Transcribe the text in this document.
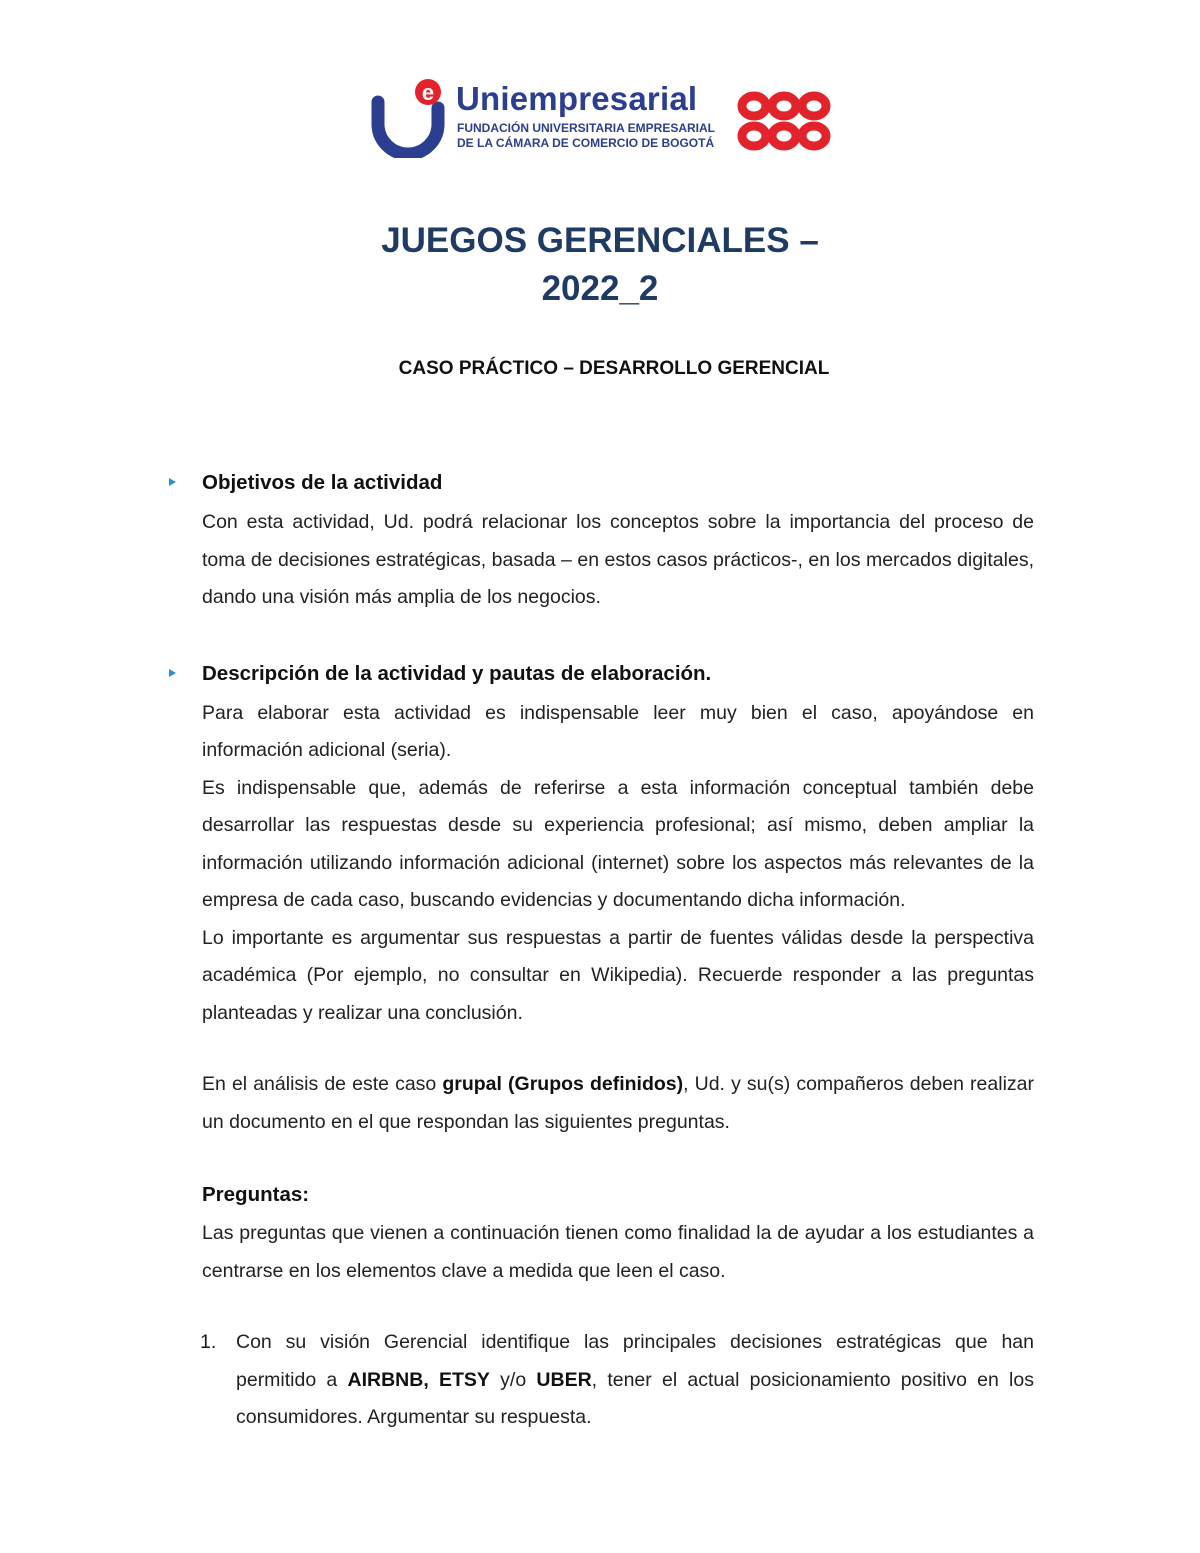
e Uniempresarial
FUNDACIÓN UNIVERSITARIA EMPRESARIAL
DE LA CÁMARA DE COMERCIO DE BOGOTÁ
JUEGOS GERENCIALES –
2022_2
CASO PRÁCTICO – DESARROLLO GERENCIAL
Objetivos de la actividad

Con esta actividad, Ud. podrá relacionar los conceptos sobre la importancia del proceso de toma de decisiones estratégicas, basada – en estos casos prácticos-, en los mercados digitales, dando una visión más amplia de los negocios.

Descripción de la actividad y pautas de elaboración.

Para elaborar esta actividad es indispensable leer muy bien el caso, apoyándose en información adicional (seria).

Es indispensable que, además de referirse a esta información conceptual también debe desarrollar las respuestas desde su experiencia profesional; así mismo, deben ampliar la información utilizando información adicional (internet) sobre los aspectos más relevantes de la empresa de cada caso, buscando evidencias y documentando dicha información.

Lo importante es argumentar sus respuestas a partir de fuentes válidas desde la perspectiva académica (Por ejemplo, no consultar en Wikipedia). Recuerde responder a las preguntas planteadas y realizar una conclusión.

En el análisis de este caso grupal (Grupos definidos), Ud. y su(s) compañeros deben realizar un documento en el que respondan las siguientes preguntas.

Preguntas:

Las preguntas que vienen a continuación tienen como finalidad la de ayudar a los estudiantes a centrarse en los elementos clave a medida que leen el caso.

1. Con su visión Gerencial identifique las principales decisiones estratégicas que han permitido a AIRBNB, ETSY y/o UBER, tener el actual posicionamiento positivo en los consumidores. Argumentar su respuesta.
